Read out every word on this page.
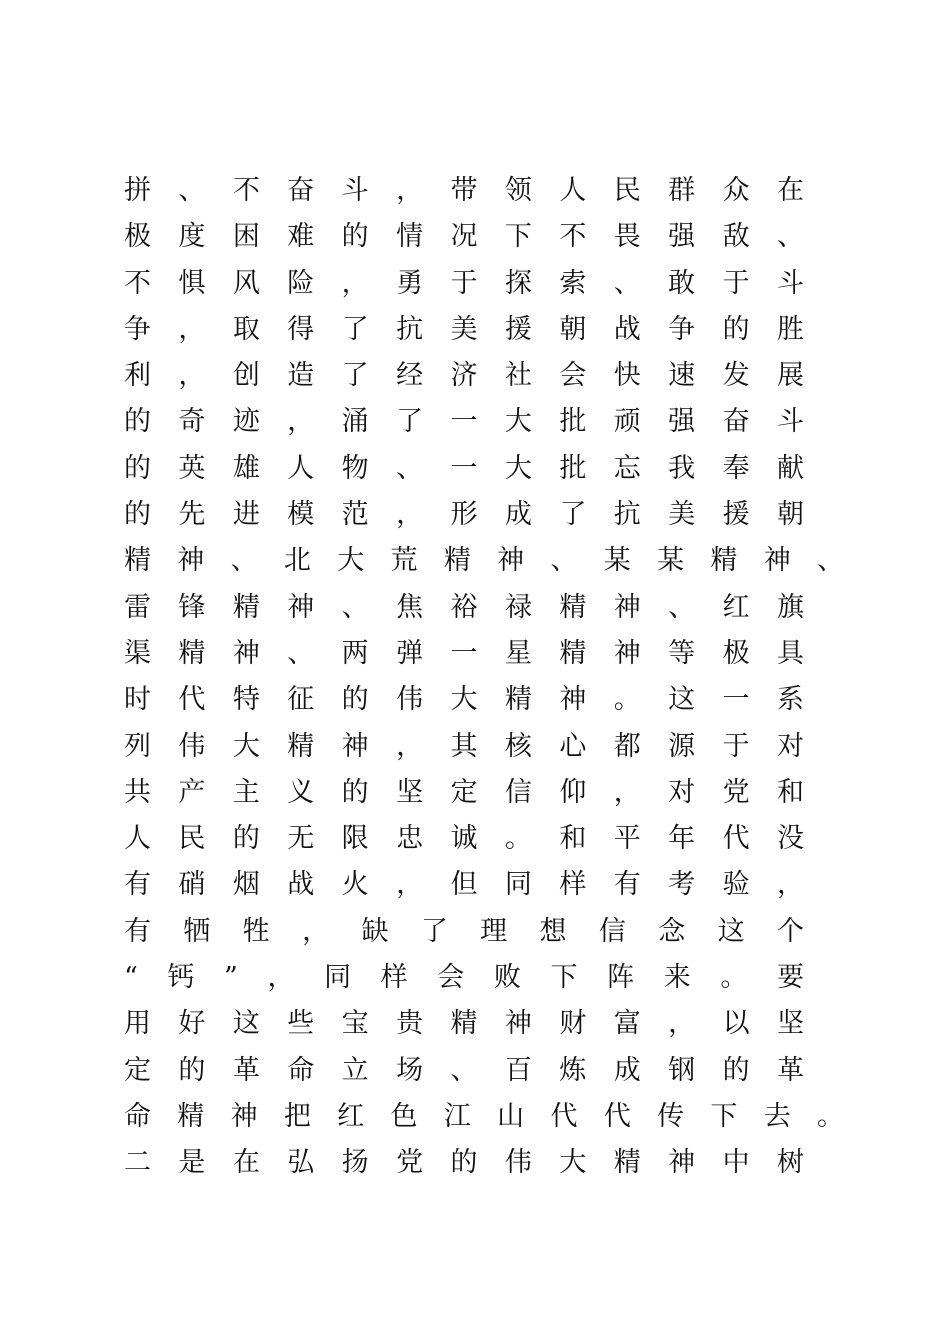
拼、不奋斗，带领人民群众在
极度困难的情况下不畏强敌、
不惧风险，勇于探索、敢于斗
争，取得了抗美援朝战争的胜
利，创造了经济社会快速发展
的奇迹，涌了一大批顽强奋斗
的英雄人物、一大批忘我奉献
的先进模范，形成了抗美援朝
精神、北大荒精神、某某精神、
雷锋精神、焦裕禄精神、红旗
渠精神、两弹一星精神等极具
时代特征的伟大精神。这一系
列伟大精神，其核心都源于对
共产主义的坚定信仰，对党和
人民的无限忠诚。和平年代没
有硝烟战火，但同样有考验，
有牺牲，缺了理想信念这个
“钙”，同样会败下阵来。要
用好这些宝贵精神财富，以坚
定的革命立场、百炼成钢的革
命精神把红色江山代代传下去。
二是在弘扬党的伟大精神中树
